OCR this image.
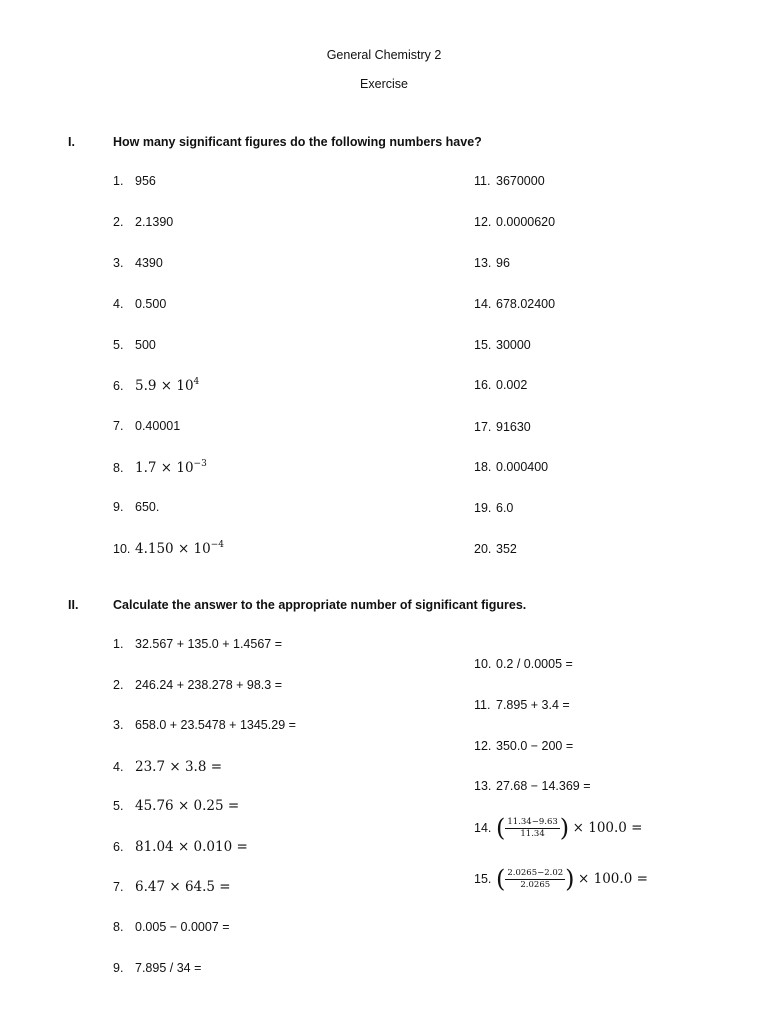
General Chemistry 2
Exercise
I.	How many significant figures do the following numbers have?
1. 956
2. 2.1390
3. 4390
4. 0.500
5. 500
6. $5.9 \times 10^4$
7. 0.40001
8. $1.7 \times 10^{-3}$
9. 650.
10. $4.150 \times 10^{-4}$
11. 3670000
12. 0.0000620
13. 96
14. 678.02400
15. 30000
16. 0.002
17. 91630
18. 0.000400
19. 6.0
20. 352
II.	Calculate the answer to the appropriate number of significant figures.
1. 32.567 + 135.0 + 1.4567 =
2. 246.24 + 238.278 + 98.3 =
3. 658.0 + 23.5478 + 1345.29 =
4. 23.7 × 3.8 =
5. 45.76 × 0.25 =
6. 81.04 × 0.010 =
7. 6.47 × 64.5 =
8. 0.005 − 0.0007 =
9. 7.895 / 34 =
10. 0.2 / 0.0005 =
11. 7.895 + 3.4 =
12. 350.0 − 200 =
13. 27.68 − 14.369 =
14. ( $\frac{11.34-9.63}{11.34}$ ) × 100.0 =
15. ( $\frac{2.0265-2.02}{2.0265}$ ) × 100.0 =
